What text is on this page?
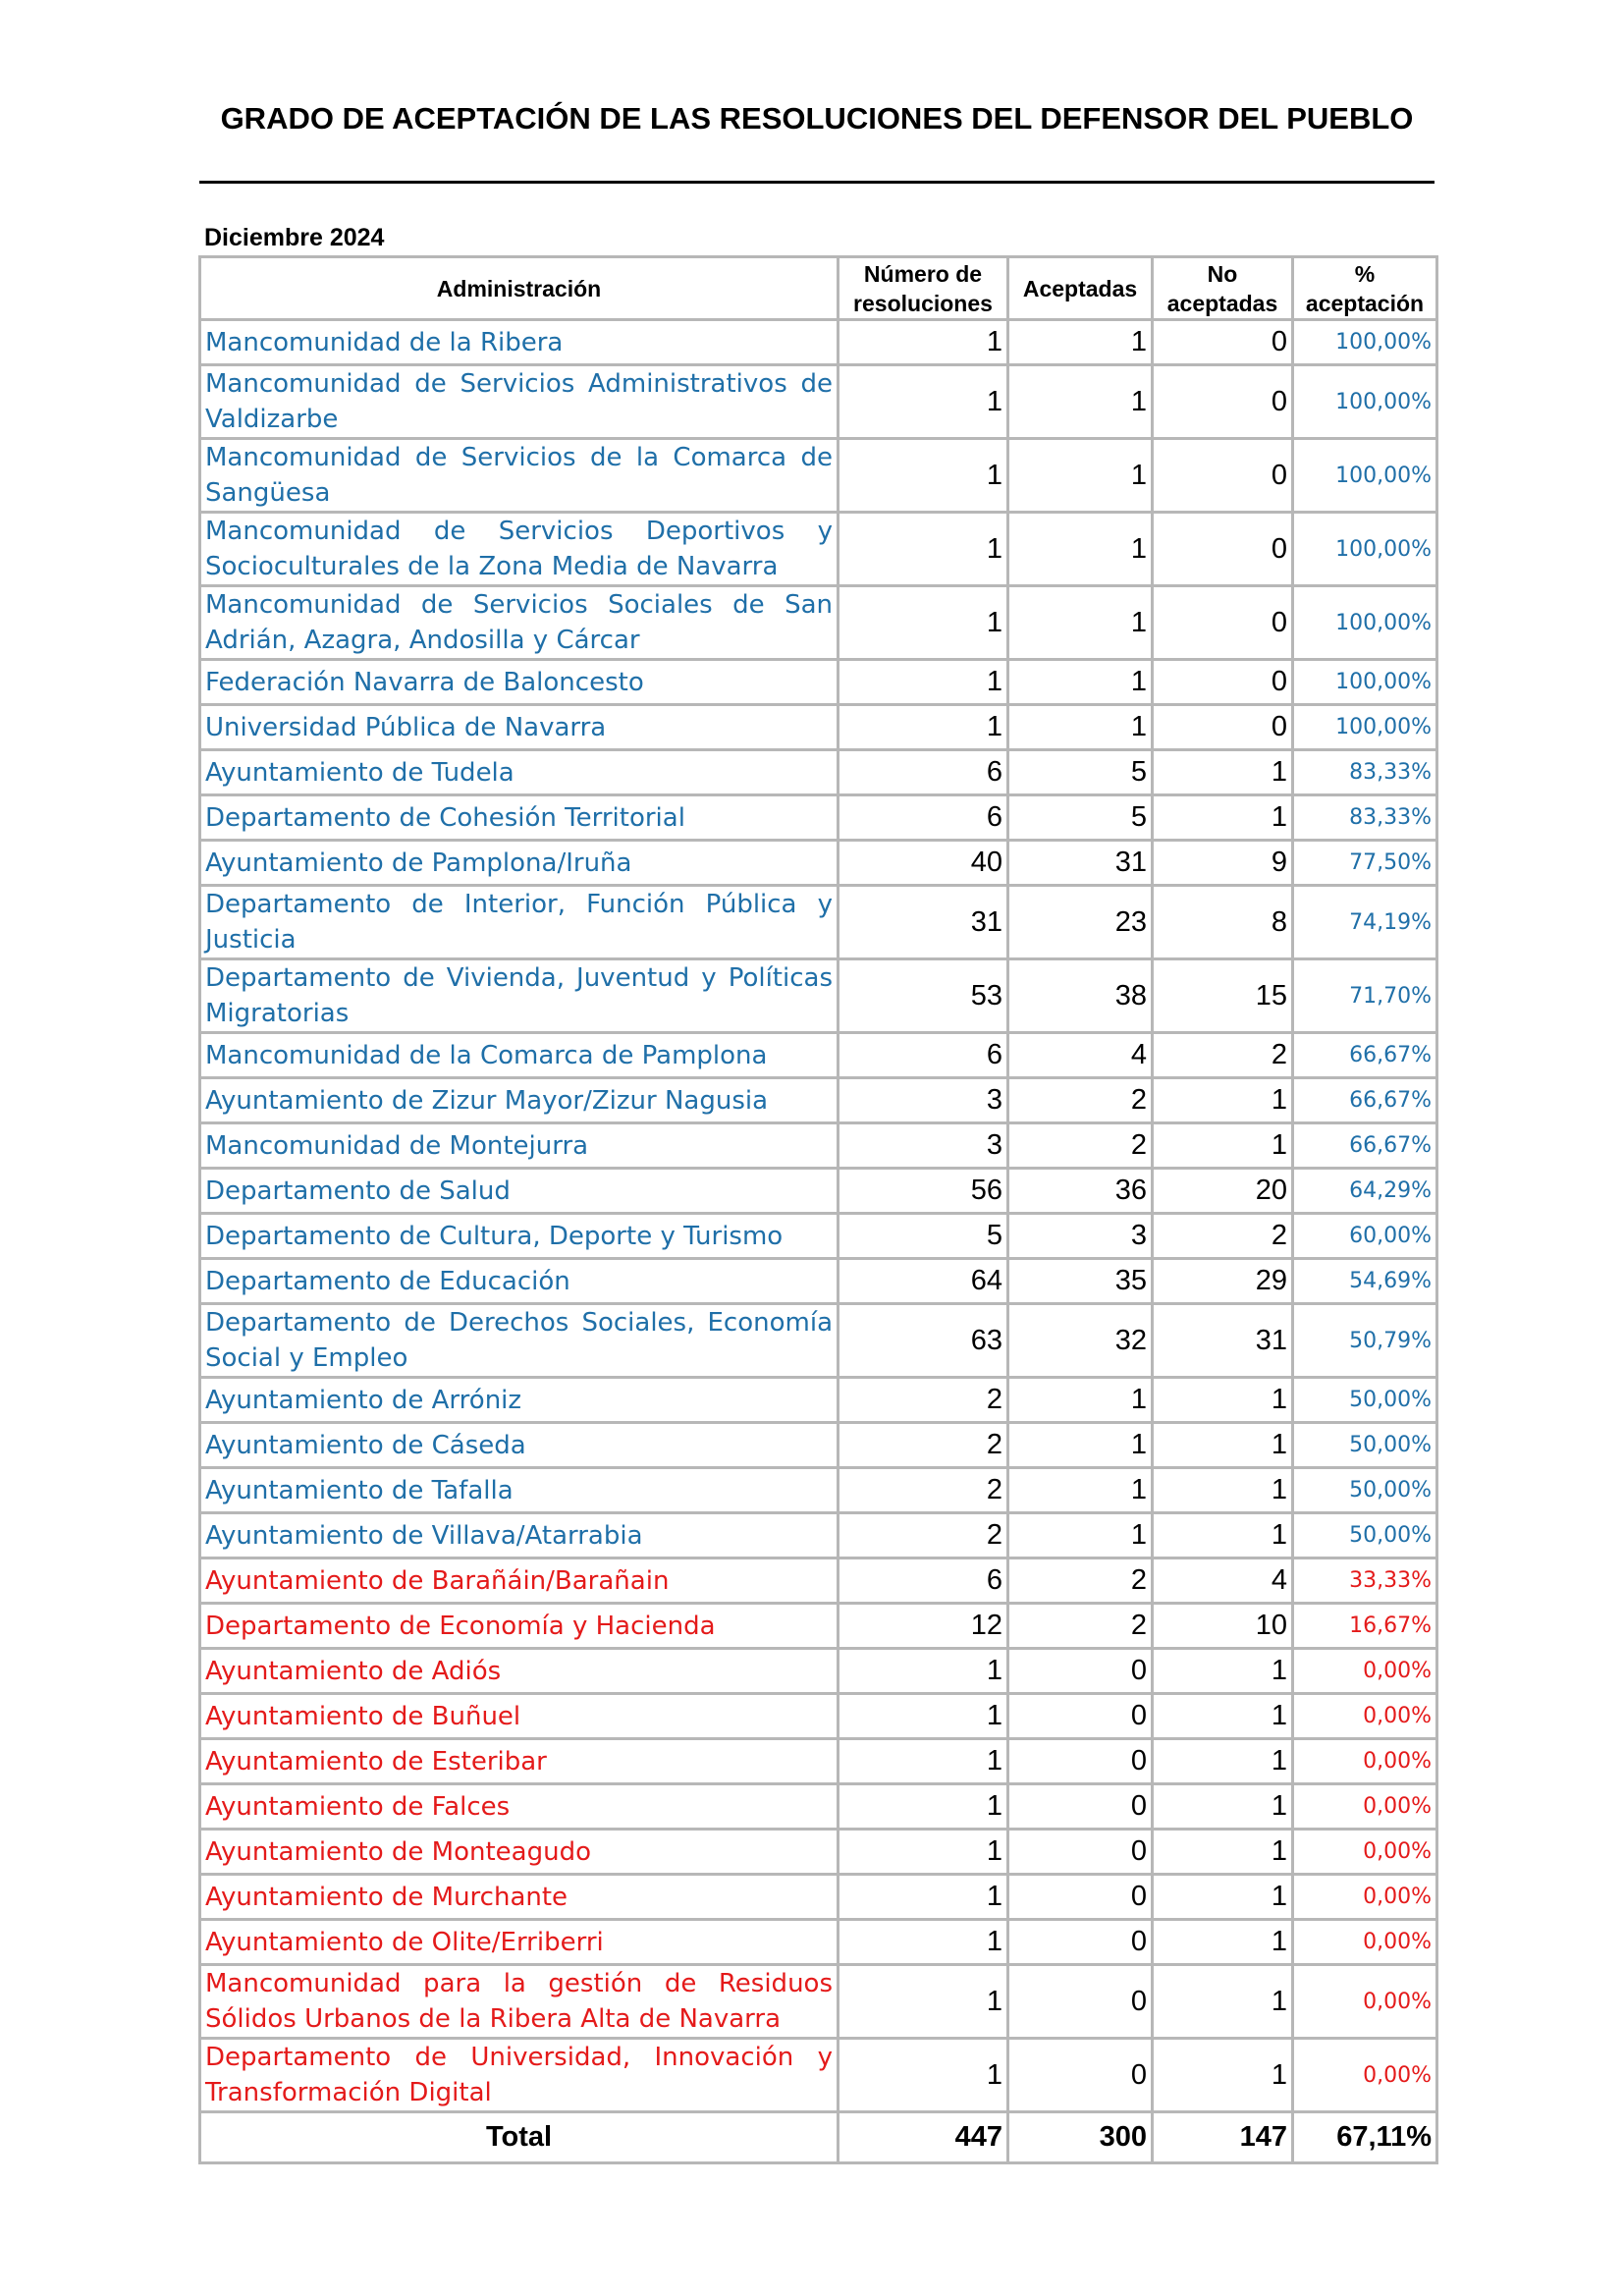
GRADO DE ACEPTACIÓN DE LAS RESOLUCIONES DEL DEFENSOR DEL PUEBLO
Diciembre 2024
Administración	Número de resoluciones	Aceptadas	No aceptadas	% aceptación
Mancomunidad de la Ribera	1	1	0	100,00%
Mancomunidad de Servicios Administrativos de Valdizarbe	1	1	0	100,00%
Mancomunidad de Servicios de la Comarca de Sangüesa	1	1	0	100,00%
Mancomunidad de Servicios Deportivos y Socioculturales de la Zona Media de Navarra	1	1	0	100,00%
Mancomunidad de Servicios Sociales de San Adrián, Azagra, Andosilla y Cárcar	1	1	0	100,00%
Federación Navarra de Baloncesto	1	1	0	100,00%
Universidad Pública de Navarra	1	1	0	100,00%
Ayuntamiento de Tudela	6	5	1	83,33%
Departamento de Cohesión Territorial	6	5	1	83,33%
Ayuntamiento de Pamplona/Iruña	40	31	9	77,50%
Departamento de Interior, Función Pública y Justicia	31	23	8	74,19%
Departamento de Vivienda, Juventud y Políticas Migratorias	53	38	15	71,70%
Mancomunidad de la Comarca de Pamplona	6	4	2	66,67%
Ayuntamiento de Zizur Mayor/Zizur Nagusia	3	2	1	66,67%
Mancomunidad de Montejurra	3	2	1	66,67%
Departamento de Salud	56	36	20	64,29%
Departamento de Cultura, Deporte y Turismo	5	3	2	60,00%
Departamento de Educación	64	35	29	54,69%
Departamento de Derechos Sociales, Economía Social y Empleo	63	32	31	50,79%
Ayuntamiento de Arróniz	2	1	1	50,00%
Ayuntamiento de Cáseda	2	1	1	50,00%
Ayuntamiento de Tafalla	2	1	1	50,00%
Ayuntamiento de Villava/Atarrabia	2	1	1	50,00%
Ayuntamiento de Barañáin/Barañain	6	2	4	33,33%
Departamento de Economía y Hacienda	12	2	10	16,67%
Ayuntamiento de Adiós	1	0	1	0,00%
Ayuntamiento de Buñuel	1	0	1	0,00%
Ayuntamiento de Esteribar	1	0	1	0,00%
Ayuntamiento de Falces	1	0	1	0,00%
Ayuntamiento de Monteagudo	1	0	1	0,00%
Ayuntamiento de Murchante	1	0	1	0,00%
Ayuntamiento de Olite/Erriberri	1	0	1	0,00%
Mancomunidad para la gestión de Residuos Sólidos Urbanos de la Ribera Alta de Navarra	1	0	1	0,00%
Departamento de Universidad, Innovación y Transformación Digital	1	0	1	0,00%
Total	447	300	147	67,11%
